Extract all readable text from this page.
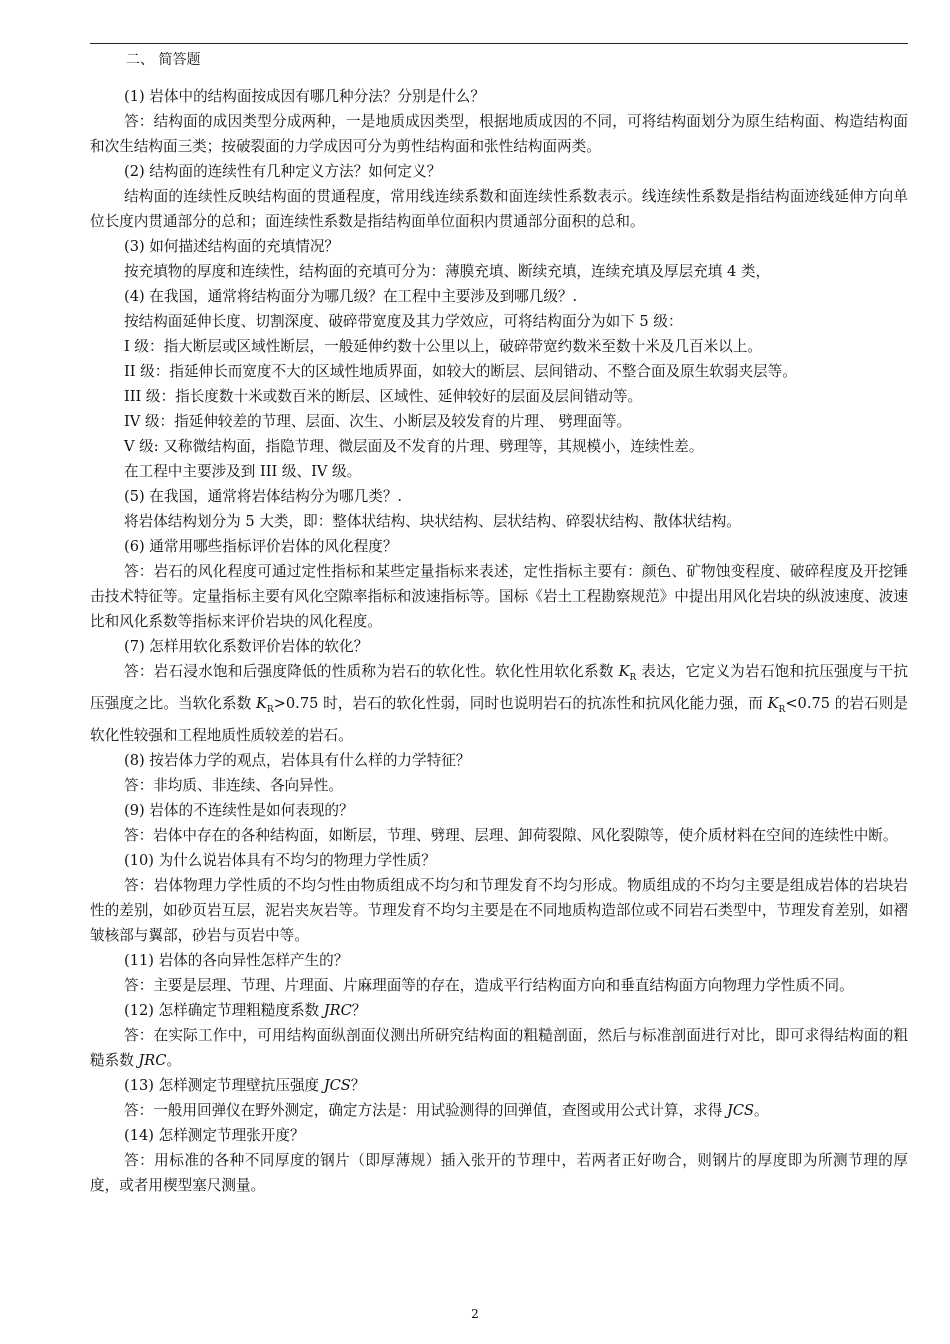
二、 简答题

(1) 岩体中的结构面按成因有哪几种分法？分别是什么？

答：结构面的成因类型分成两种，一是地质成因类型，根据地质成因的不同，可将结构面划分为原生结构面、构造结构面和次生结构面三类；按破裂面的力学成因可分为剪性结构面和张性结构面两类。

(2) 结构面的连续性有几种定义方法？如何定义？

结构面的连续性反映结构面的贯通程度，常用线连续系数和面连续性系数表示。线连续性系数是指结构面迹线延伸方向单位长度内贯通部分的总和；面连续性系数是指结构面单位面积内贯通部分面积的总和。

(3) 如何描述结构面的充填情况？

按充填物的厚度和连续性，结构面的充填可分为：薄膜充填、断续充填，连续充填及厚层充填 4 类，

(4) 在我国，通常将结构面分为哪几级？在工程中主要涉及到哪几级？.

按结构面延伸长度、切割深度、破碎带宽度及其力学效应，可将结构面分为如下 5 级：

I 级：指大断层或区域性断层，一般延伸约数十公里以上，破碎带宽约数米至数十米及几百米以上。

II 级：指延伸长而宽度不大的区域性地质界面，如较大的断层、层间错动、不整合面及原生软弱夹层等。

III 级：指长度数十米或数百米的断层、区域性、延伸较好的层面及层间错动等。

IV 级：指延伸较差的节理、层面、次生、小断层及较发育的片理、 劈理面等。

V 级: 又称微结构面，指隐节理、微层面及不发育的片理、劈理等，其规模小，连续性差。

在工程中主要涉及到 III 级、IV 级。

(5) 在我国，通常将岩体结构分为哪几类？.

将岩体结构划分为 5 大类，即：整体状结构、块状结构、层状结构、碎裂状结构、散体状结构。

(6) 通常用哪些指标评价岩体的风化程度？

答：岩石的风化程度可通过定性指标和某些定量指标来表述，定性指标主要有：颜色、矿物蚀变程度、破碎程度及开挖锤击技术特征等。定量指标主要有风化空隙率指标和波速指标等。国标《岩土工程勘察规范》中提出用风化岩块的纵波速度、波速比和风化系数等指标来评价岩块的风化程度。

(7) 怎样用软化系数评价岩体的软化？

答：岩石浸水饱和后强度降低的性质称为岩石的软化性。软化性用软化系数 $K_R$ 表达，它定义为岩石饱和抗压强度与干抗压强度之比。当软化系数 $K_R>0.75$ 时，岩石的软化性弱，同时也说明岩石的抗冻性和抗风化能力强，而 $K_R<0.75$ 的岩石则是软化性较强和工程地质性质较差的岩石。

(8) 按岩体力学的观点，岩体具有什么样的力学特征？

答：非均质、非连续、各向异性。

(9) 岩体的不连续性是如何表现的？

答：岩体中存在的各种结构面，如断层，节理、劈理、层理、卸荷裂隙、风化裂隙等，使介质材料在空间的连续性中断。

(10) 为什么说岩体具有不均匀的物理力学性质？

答：岩体物理力学性质的不均匀性由物质组成不均匀和节理发育不均匀形成。物质组成的不均匀主要是组成岩体的岩块岩性的差别，如砂页岩互层，泥岩夹灰岩等。节理发育不均匀主要是在不同地质构造部位或不同岩石类型中，节理发育差别，如褶皱核部与翼部，砂岩与页岩中等。

(11) 岩体的各向异性怎样产生的？

答：主要是层理、节理、片理面、片麻理面等的存在，造成平行结构面方向和垂直结构面方向物理力学性质不同。

(12) 怎样确定节理粗糙度系数 JRC？

答：在实际工作中，可用结构面纵剖面仪测出所研究结构面的粗糙剖面，然后与标准剖面进行对比，即可求得结构面的粗糙系数 JRC。

(13) 怎样测定节理壁抗压强度 JCS？

答：一般用回弹仪在野外测定，确定方法是：用试验测得的回弹值，查图或用公式计算，求得 JCS。

(14) 怎样测定节理张开度？

答：用标准的各种不同厚度的钢片（即厚薄规）插入张开的节理中，若两者正好吻合，则钢片的厚度即为所测节理的厚度，或者用楔型塞尺测量。

2
